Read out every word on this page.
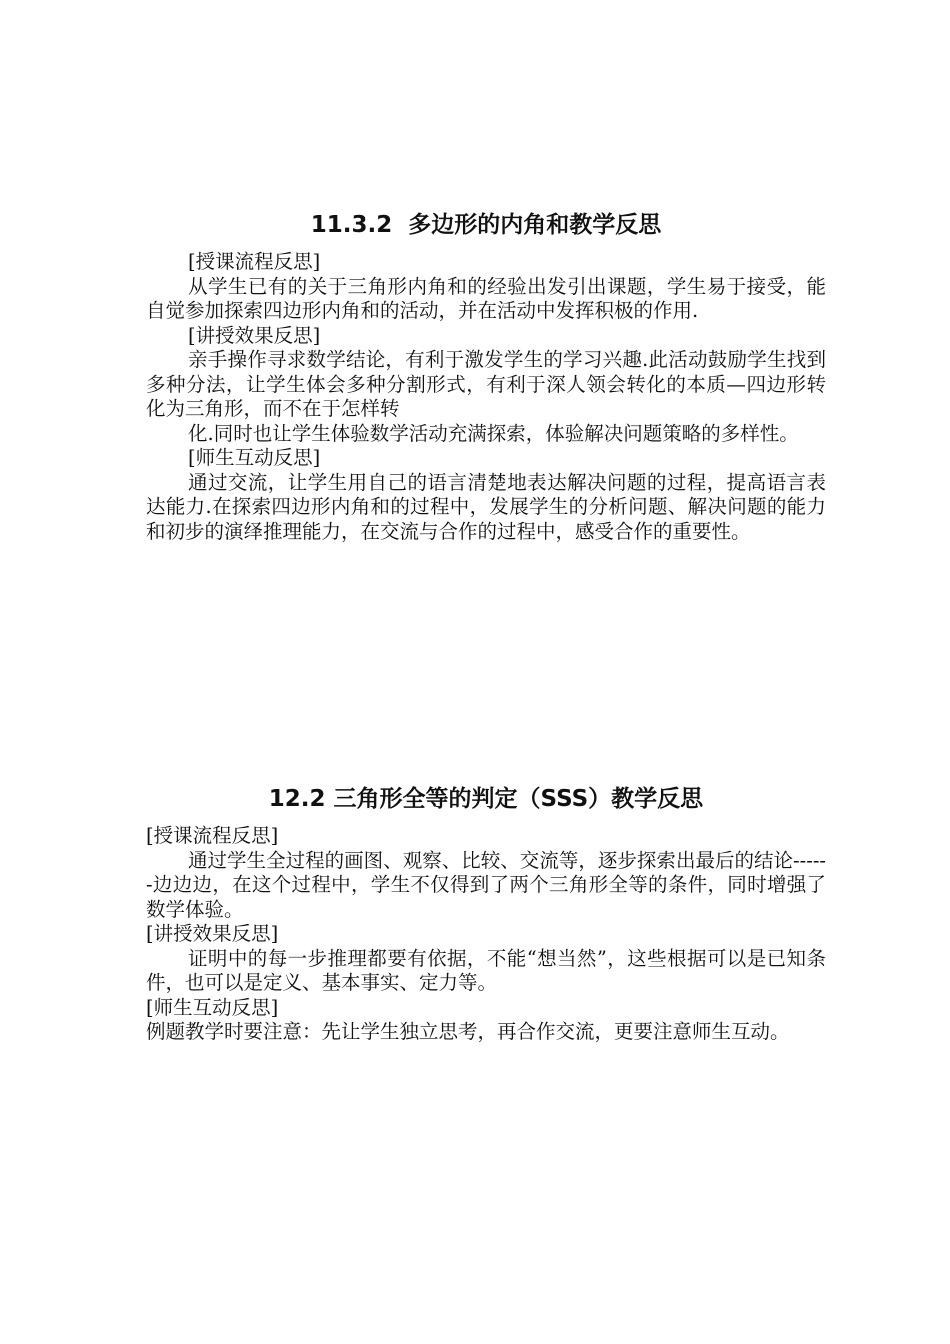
11.3.2  多边形的内角和教学反思

[授课流程反思]

从学生已有的关于三角形内角和的经验出发引出课题，学生易于接受，能自觉参加探索四边形内角和的活动，并在活动中发挥积极的作用.

[讲授效果反思]

亲手操作寻求数学结论，有利于激发学生的学习兴趣.此活动鼓励学生找到多种分法，让学生体会多种分割形式，有利于深人领会转化的本质—四边形转化为三角形，而不在于怎样转

化.同时也让学生体验数学活动充满探索，体验解决问题策略的多样性。

[师生互动反思]

通过交流，让学生用自己的语言清楚地表达解决问题的过程，提高语言表达能力.在探索四边形内角和的过程中，发展学生的分析问题、解决问题的能力和初步的演绎推理能力，在交流与合作的过程中，感受合作的重要性。

12.2 三角形全等的判定（SSS）教学反思

[授课流程反思]

通过学生全过程的画图、观察、比较、交流等，逐步探索出最后的结论------边边边，在这个过程中，学生不仅得到了两个三角形全等的条件，同时增强了数学体验。

[讲授效果反思]

证明中的每一步推理都要有依据，不能“想当然”，这些根据可以是已知条件，也可以是定义、基本事实、定力等。

[师生互动反思]

例题教学时要注意：先让学生独立思考，再合作交流，更要注意师生互动。
